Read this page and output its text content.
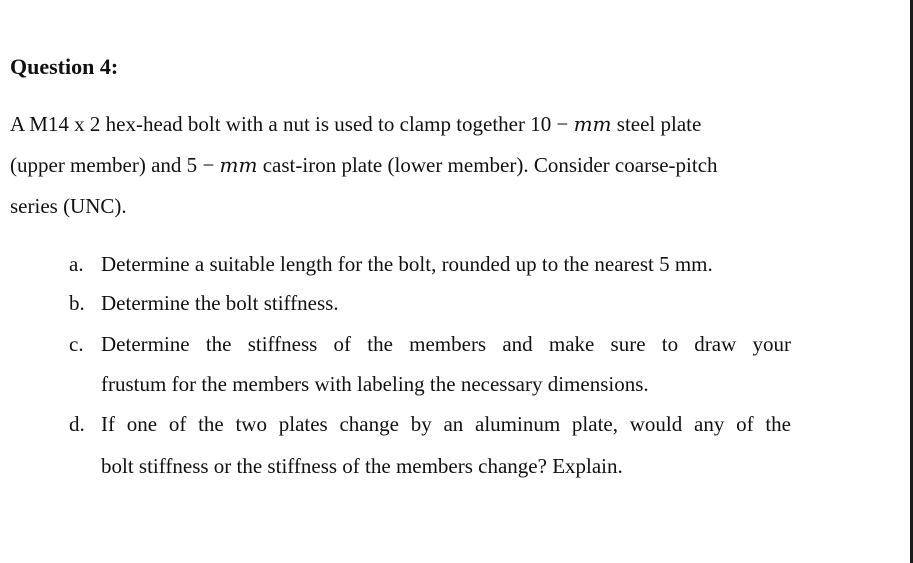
Question 4:
A M14 x 2 hex-head bolt with a nut is used to clamp together 10 − mm steel plate
(upper member) and 5 − mm cast-iron plate (lower member). Consider coarse-pitch
series (UNC).
a. Determine a suitable length for the bolt, rounded up to the nearest 5 mm.
b. Determine the bolt stiffness.
c. Determine the stiffness of the members and make sure to draw your
frustum for the members with labeling the necessary dimensions.
d. If one of the two plates change by an aluminum plate, would any of the
bolt stiffness or the stiffness of the members change? Explain.
